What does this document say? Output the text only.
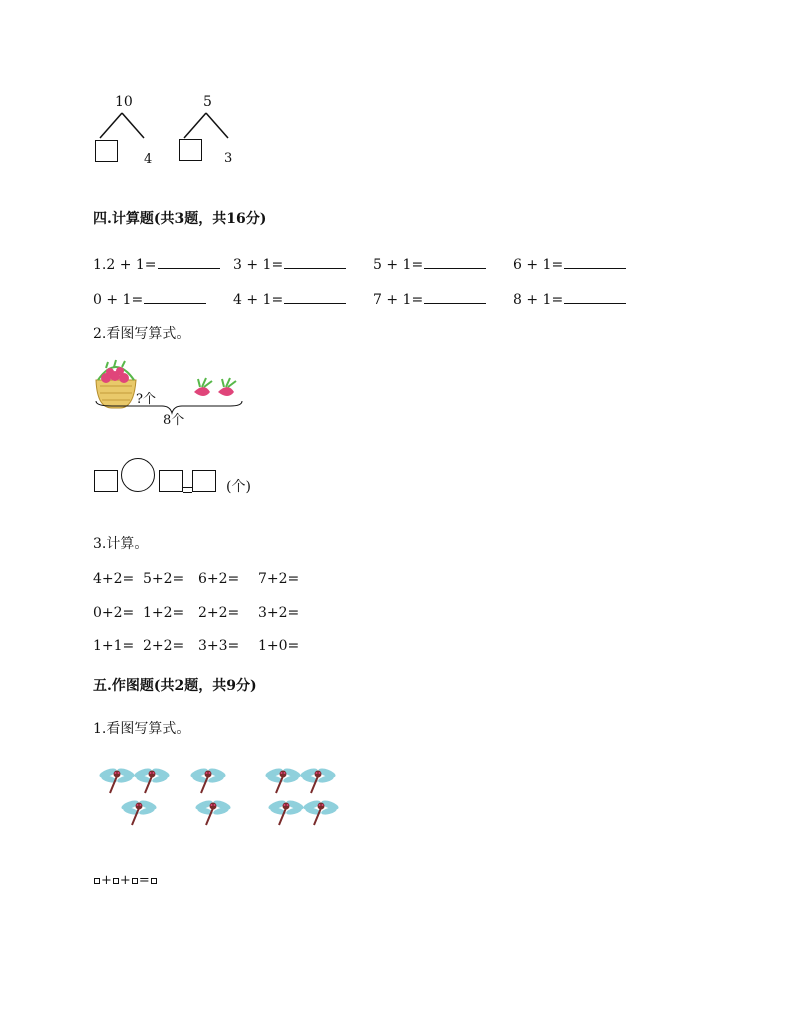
10
4
5
3
四.计算题(共3题，共16分)
1.2 + 1=	3 + 1=	5 + 1=	6 + 1=
0 + 1=	4 + 1=	7 + 1=	8 + 1=
2.看图写算式。
?个
8个
(个)
3.计算。
4+2= 5+2= 6+2= 7+2=
0+2= 1+2= 2+2= 3+2=
1+1= 2+2= 3+3= 1+0=
五.作图题(共2题，共9分)
1.看图写算式。
+ + =
